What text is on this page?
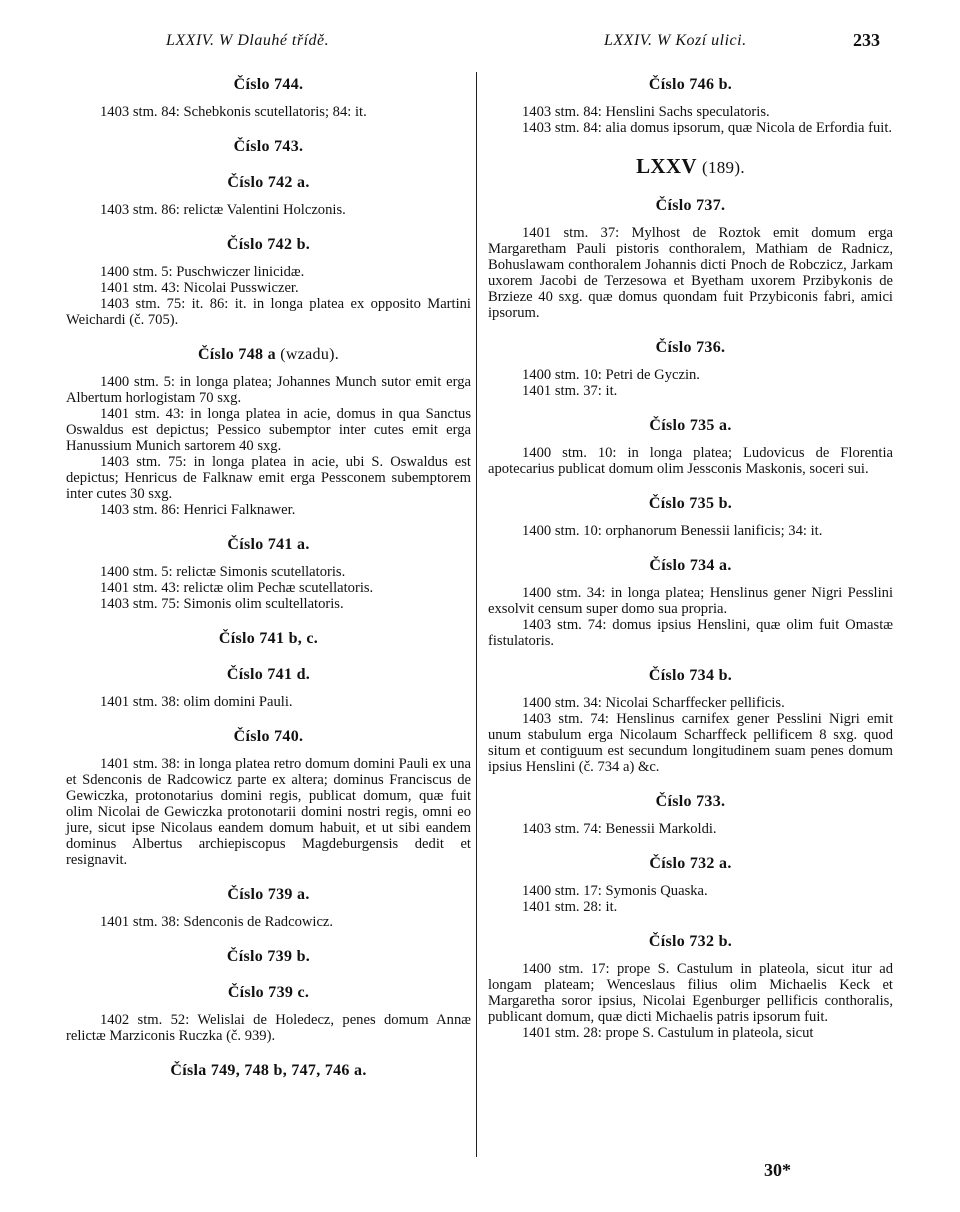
LXXIV. W Dlauhé třídě.	LXXIV. W Kozí ulici.	233
Číslo 744.

1403 stm. 84: Schebkonis scutellatoris; 84: it.

Číslo 743.
Číslo 742 a.

1403 stm. 86: relictæ Valentini Holczonis.

Číslo 742 b.

1400 stm. 5: Puschwiczer linicidæ.

1401 stm. 43: Nicolai Pusswiczer.

1403 stm. 75: it. 86: it. in longa platea ex opposito Martini Weichardi (č. 705).

Číslo 748 a (wzadu).

1400 stm. 5: in longa platea; Johannes Munch sutor emit erga Albertum horlogistam 70 sxg.

1401 stm. 43: in longa platea in acie, domus in qua Sanctus Oswaldus est depictus; Pessico subemptor inter cutes emit erga Hanussium Munich sartorem 40 sxg.

1403 stm. 75: in longa platea in acie, ubi S. Oswaldus est depictus; Henricus de Falknaw emit erga Pessconem subemptorem inter cutes 30 sxg.

1403 stm. 86: Henrici Falknawer.

Číslo 741 a.

1400 stm. 5: relictæ Simonis scutellatoris.

1401 stm. 43: relictæ olim Pechæ scutellatoris.

1403 stm. 75: Simonis olim scultellatoris.

Číslo 741 b, c.
Číslo 741 d.

1401 stm. 38: olim domini Pauli.

Číslo 740.

1401 stm. 38: in longa platea retro domum domini Pauli ex una et Sdenconis de Radcowicz parte ex altera; dominus Franciscus de Gewiczka, protonotarius domini regis, publicat domum, quæ fuit olim Nicolai de Gewiczka protonotarii domini nostri regis, omni eo jure, sicut ipse Nicolaus eandem domum habuit, et ut sibi eandem dominus Albertus archiepiscopus Magdeburgensis dedit et resignavit.

Číslo 739 a.

1401 stm. 38: Sdenconis de Radcowicz.

Číslo 739 b.
Číslo 739 c.

1402 stm. 52: Welislai de Holedecz, penes domum Annæ relictæ Marziconis Ruczka (č. 939).

Čísla 749, 748 b, 747, 746 a.
Číslo 746 b.

1403 stm. 84: Henslini Sachs speculatoris.

1403 stm. 84: alia domus ipsorum, quæ Nicola de Erfordia fuit.

LXXV (189).
Číslo 737.

1401 stm. 37: Mylhost de Roztok emit domum erga Margaretham Pauli pistoris conthoralem, Mathiam de Radnicz, Bohuslawam conthoralem Johannis dicti Pnoch de Robczicz, Jarkam uxorem Jacobi de Terzesowa et Byetham uxorem Przibykonis de Brzieze 40 sxg. quæ domus quondam fuit Przybiconis fabri, amici ipsorum.

Číslo 736.

1400 stm. 10: Petri de Gyczin.

1401 stm. 37: it.

Číslo 735 a.

1400 stm. 10: in longa platea; Ludovicus de Florentia apotecarius publicat domum olim Jessconis Maskonis, soceri sui.

Číslo 735 b.

1400 stm. 10: orphanorum Benessii lanificis; 34: it.

Číslo 734 a.

1400 stm. 34: in longa platea; Henslinus gener Nigri Pesslini exsolvit censum super domo sua propria.

1403 stm. 74: domus ipsius Henslini, quæ olim fuit Omastæ fistulatoris.

Číslo 734 b.

1400 stm. 34: Nicolai Scharffecker pellificis.

1403 stm. 74: Henslinus carnifex gener Pesslini Nigri emit unum stabulum erga Nicolaum Scharffeck pellificem 8 sxg. quod situm et contiguum est secundum longitudinem suam penes domum ipsius Henslini (č. 734 a) &c.

Číslo 733.

1403 stm. 74: Benessii Markoldi.

Číslo 732 a.

1400 stm. 17: Symonis Quaska.

1401 stm. 28: it.

Číslo 732 b.

1400 stm. 17: prope S. Castulum in plateola, sicut itur ad longam plateam; Wenceslaus filius olim Michaelis Keck et Margaretha soror ipsius, Nicolai Egenburger pellificis conthoralis, publicant domum, quæ dicti Michaelis patris ipsorum fuit.

1401 stm. 28: prope S. Castulum in plateola, sicut

30*
